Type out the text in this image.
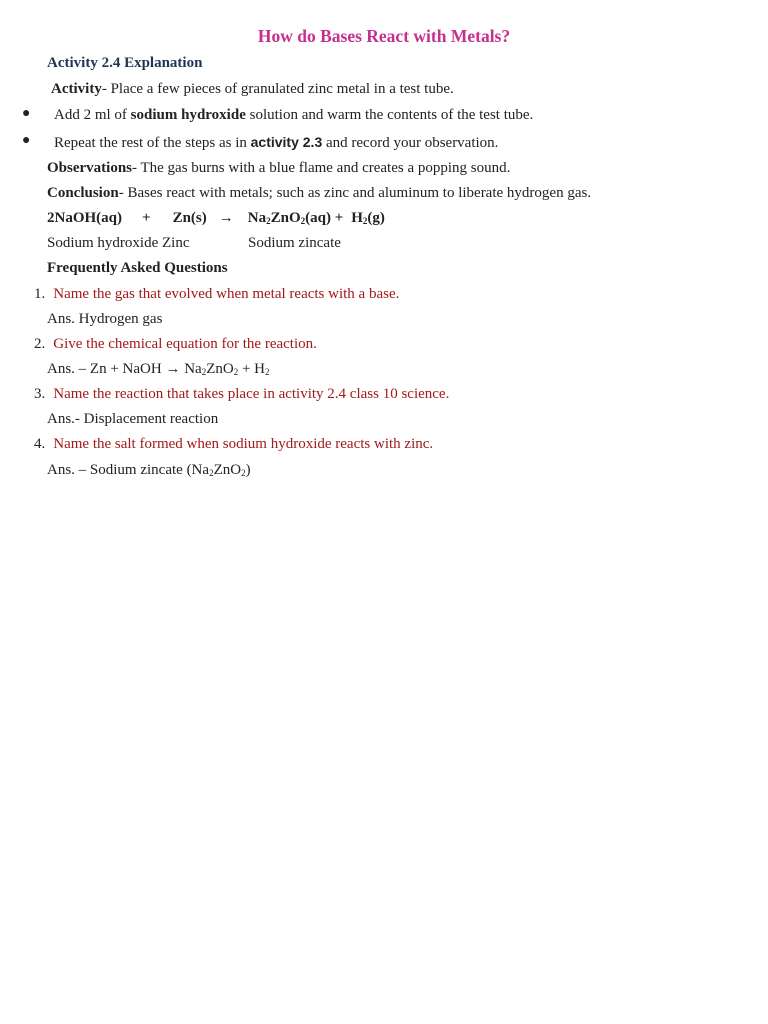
How do Bases React with Metals?
Activity 2.4 Explanation
Activity- Place a few pieces of granulated zinc metal in a test tube.
● Add 2 ml of sodium hydroxide solution and warm the contents of the test tube.
● Repeat the rest of the steps as in activity 2.3 and record your observation.
Observations- The gas burns with a blue flame and creates a popping sound.
Conclusion- Bases react with metals; such as zinc and aluminum to liberate hydrogen gas.
2NaOH(aq) + $Zn(s) \to Na_2ZnO_2(aq) + H_2(g)$
Sodium hydroxide Zinc	Sodium zincate
Frequently Asked Questions
1. Name the gas that evolved when metal reacts with a base.
Ans. Hydrogen gas
2. Give the chemical equation for the reaction.
Ans. – Zn + NaOH → $Na_2ZnO_2 + H_2$
3. Name the reaction that takes place in activity 2.4 class 10 science.
Ans.- Displacement reaction
4. Name the salt formed when sodium hydroxide reacts with zinc.
Ans. – Sodium zincate $(Na_2ZnO_2)$
